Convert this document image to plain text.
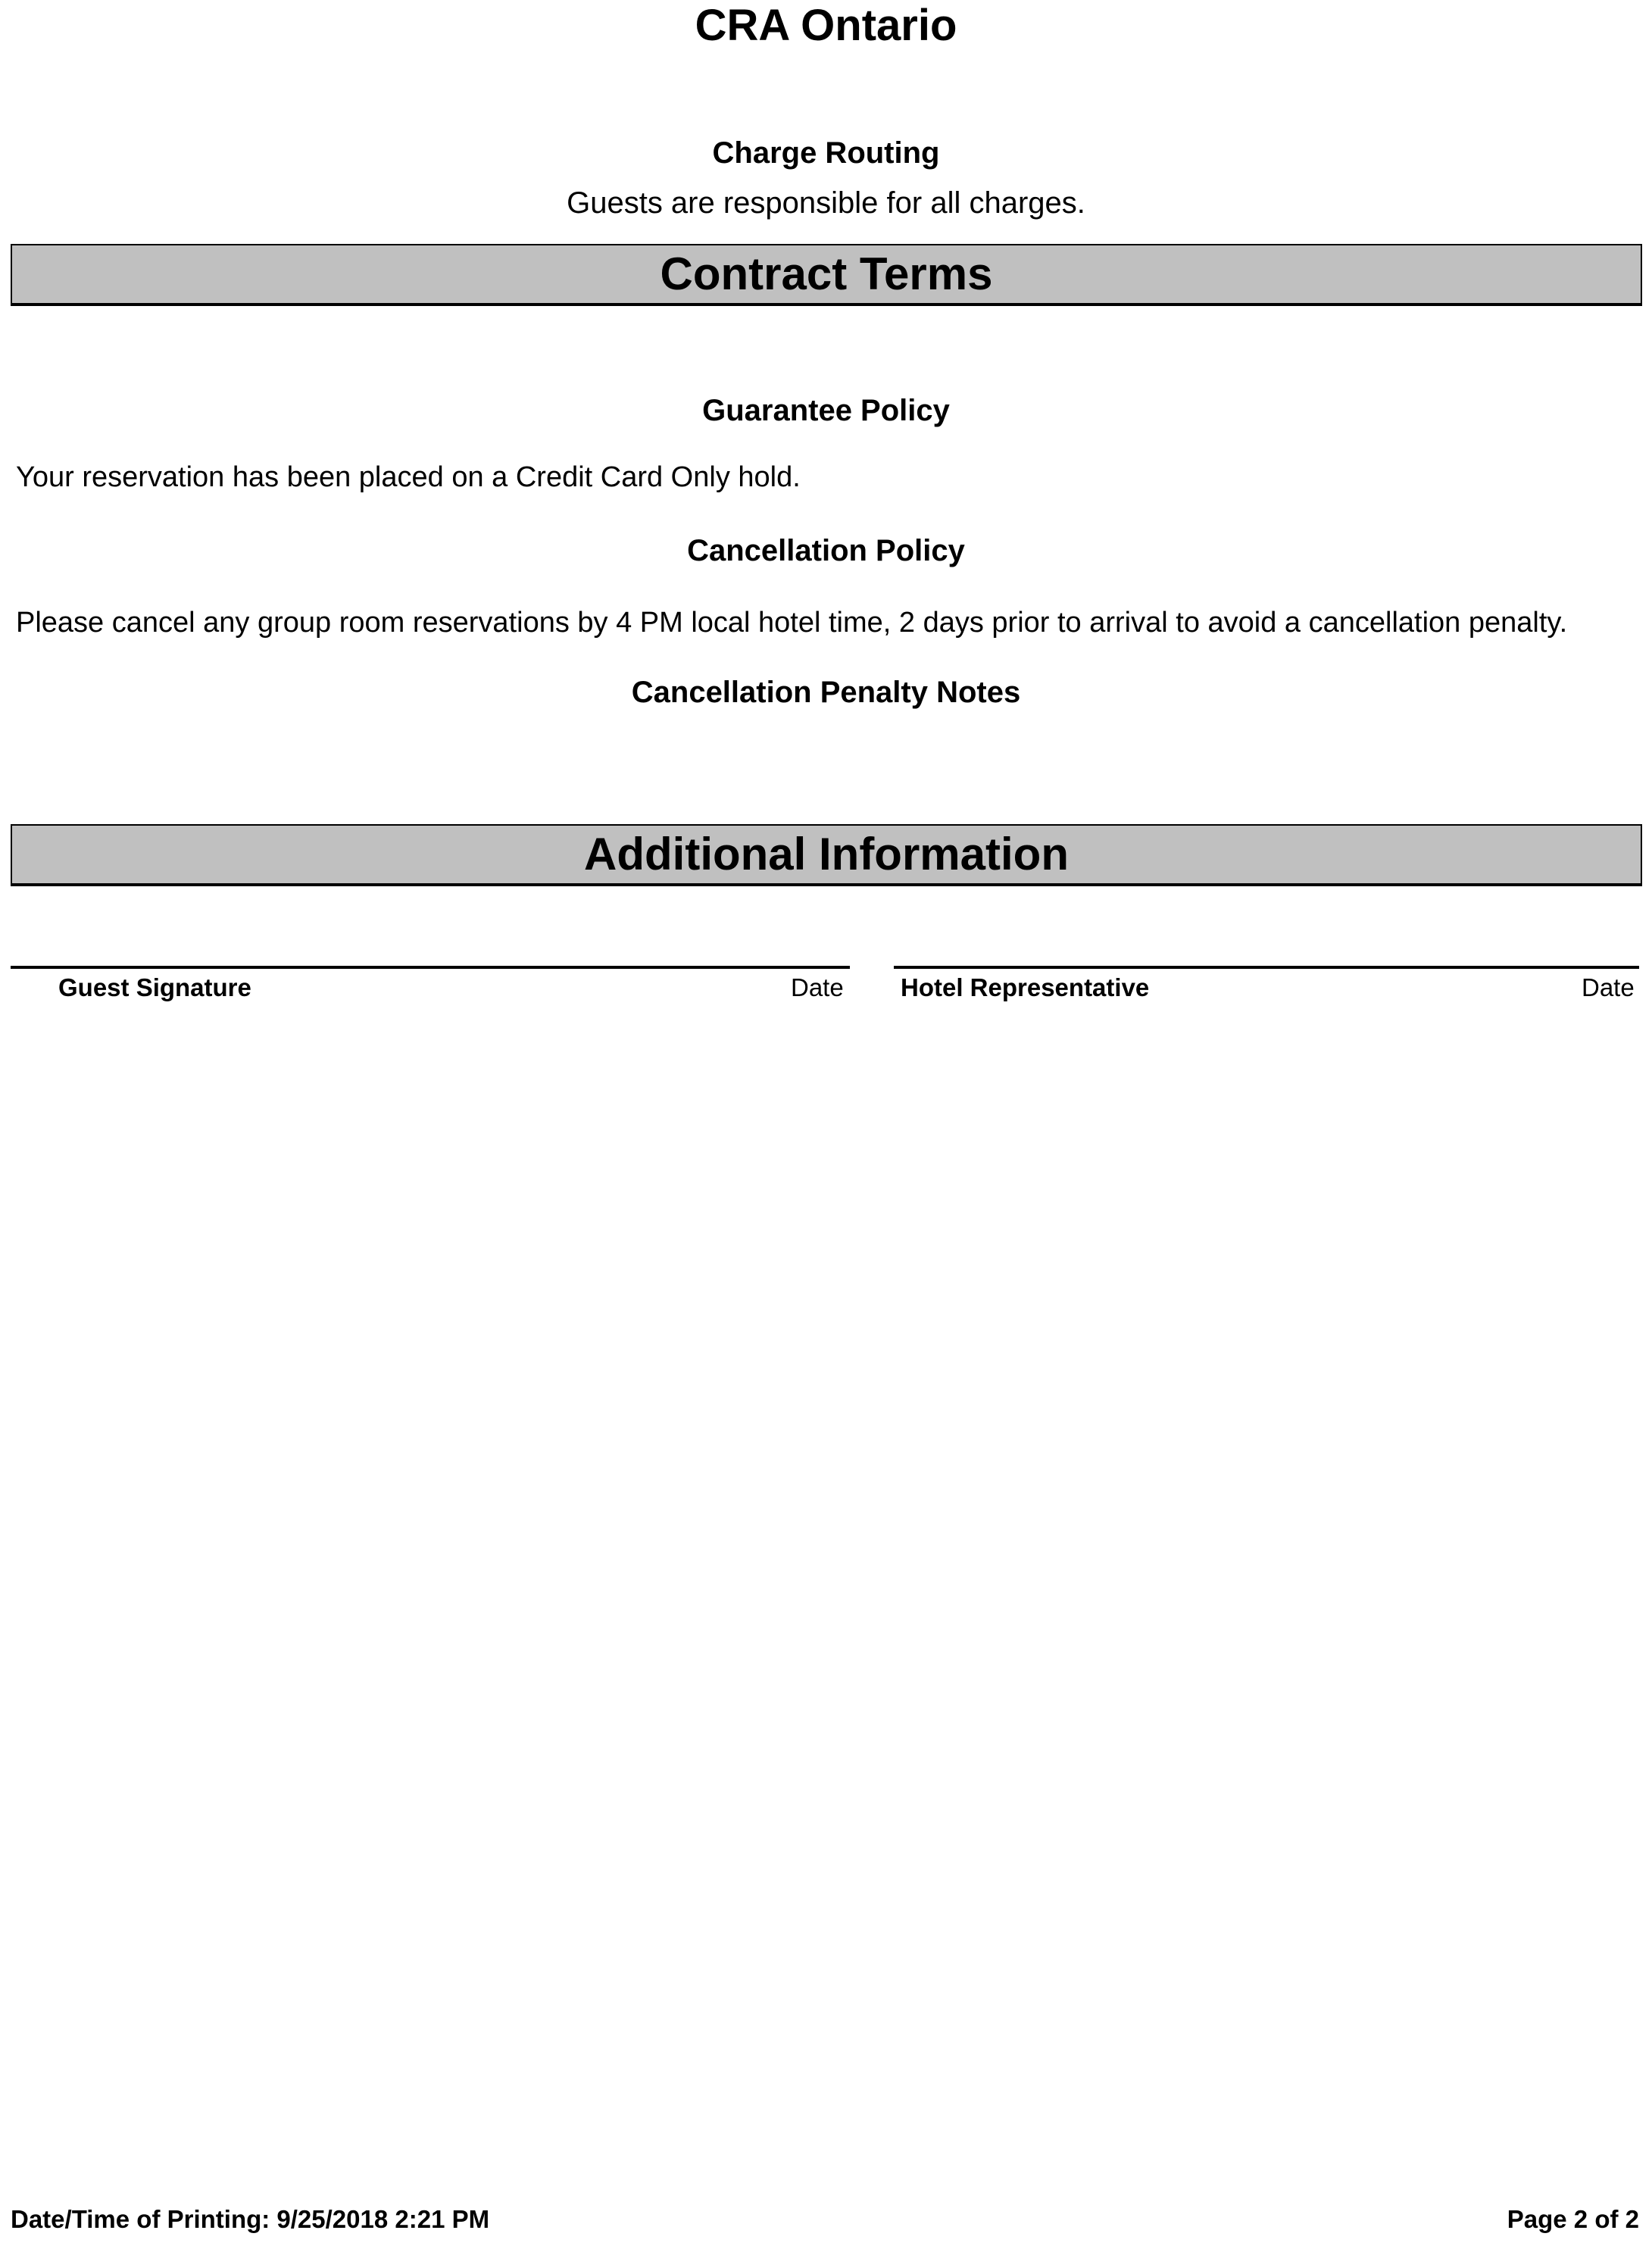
CRA Ontario
Charge Routing
Guests are responsible for all charges.
Contract Terms
Guarantee Policy
Your reservation has been placed on a Credit Card Only hold.
Cancellation Policy
Please cancel any group room reservations by 4 PM local hotel time, 2 days prior to arrival to avoid a cancellation penalty.
Cancellation Penalty Notes
Additional Information
Guest Signature	Date Hotel Representative	Date
Date/Time of Printing: 9/25/2018 2:21 PM	Page 2 of 2
